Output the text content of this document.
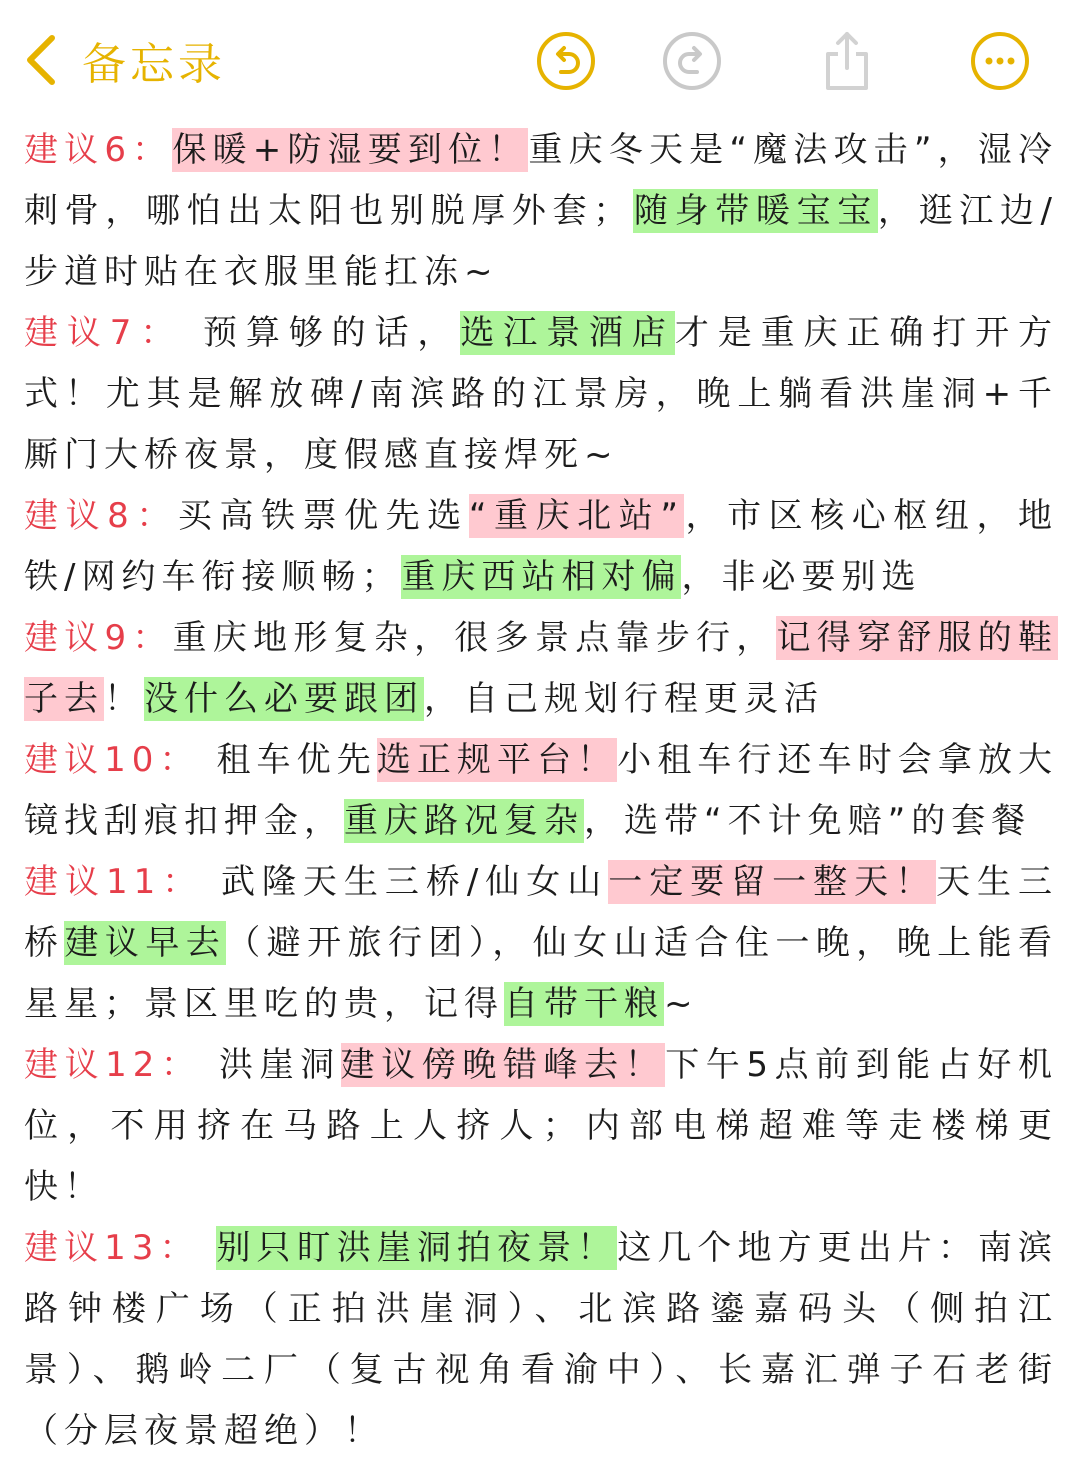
备忘录

建议6：保暖+防湿要到位！重庆冬天是“魔法攻击”，湿冷刺骨，哪怕出太阳也别脱厚外套；随身带暖宝宝，逛江边/步道时贴在衣服里能扛冻~

建议7： 预算够的话，选江景酒店才是重庆正确打开方式！尤其是解放碑/南滨路的江景房，晚上躺看洪崖洞+千厮门大桥夜景，度假感直接焊死~

建议8：买高铁票优先选“重庆北站”，市区核心枢纽，地铁/网约车衔接顺畅；重庆西站相对偏，非必要别选

建议9：重庆地形复杂，很多景点靠步行，记得穿舒服的鞋子去！没什么必要跟团，自己规划行程更灵活

建议10： 租车优先选正规平台！小租车行还车时会拿放大镜找刮痕扣押金，重庆路况复杂，选带“不计免赔”的套餐

建议11： 武隆天生三桥/仙女山一定要留一整天！天生三桥建议早去（避开旅行团），仙女山适合住一晚，晚上能看星星；景区里吃的贵，记得自带干粮~

建议12： 洪崖洞建议傍晚错峰去！下午5点前到能占好机位，不用挤在马路上人挤人；内部电梯超难等走楼梯更快！

建议13： 别只盯洪崖洞拍夜景！这几个地方更出片：南滨路钟楼广场（正拍洪崖洞）、北滨路鎏嘉码头（侧拍江景）、鹅岭二厂（复古视角看渝中）、长嘉汇弹子石老街（分层夜景超绝）！
